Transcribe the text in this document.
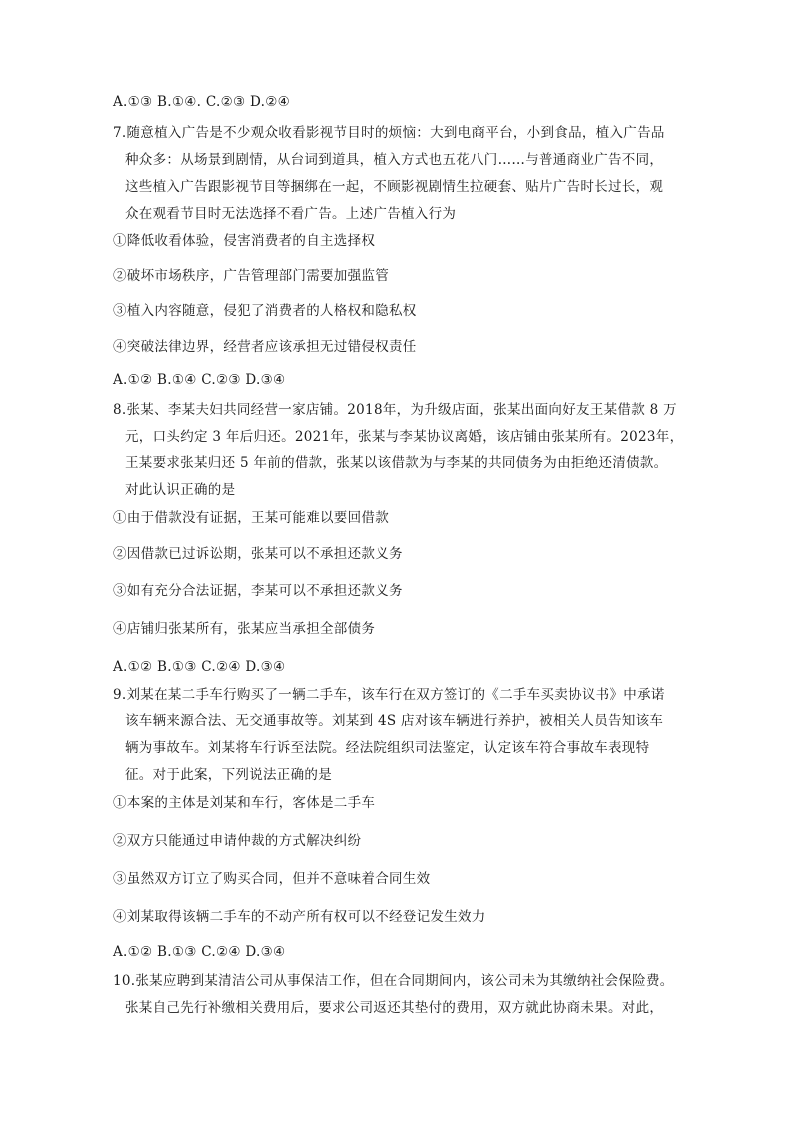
A.①③ B.①④. C.②③ D.②④
7.随意植入广告是不少观众收看影视节目时的烦恼：大到电商平台，小到食品，植入广告品
种众多：从场景到剧情，从台词到道具，植入方式也五花八门……与普通商业广告不同，
这些植入广告跟影视节目等捆绑在一起，不顾影视剧情生拉硬套、贴片广告时长过长，观
众在观看节目时无法选择不看广告。上述广告植入行为
①降低收看体验，侵害消费者的自主选择权
②破坏市场秩序，广告管理部门需要加强监管
③植入内容随意，侵犯了消费者的人格权和隐私权
④突破法律边界，经营者应该承担无过错侵权责任
A.①② B.①④ C.②③ D.③④
8.张某、李某夫妇共同经营一家店铺。2018年，为升级店面，张某出面向好友王某借款 8 万
元，口头约定 3 年后归还。2021年，张某与李某协议离婚，该店铺由张某所有。2023年，
王某要求张某归还 5 年前的借款，张某以该借款为与李某的共同债务为由拒绝还清债款。
对此认识正确的是
①由于借款没有证据，王某可能难以要回借款
②因借款已过诉讼期，张某可以不承担还款义务
③如有充分合法证据，李某可以不承担还款义务
④店铺归张某所有，张某应当承担全部债务
A.①② B.①③ C.②④ D.③④
9.刘某在某二手车行购买了一辆二手车，该车行在双方签订的《二手车买卖协议书》中承诺
该车辆来源合法、无交通事故等。刘某到 4S 店对该车辆进行养护，被相关人员告知该车
辆为事故车。刘某将车行诉至法院。经法院组织司法鉴定，认定该车符合事故车表现特
征。对于此案，下列说法正确的是
①本案的主体是刘某和车行，客体是二手车
②双方只能通过申请仲裁的方式解决纠纷
③虽然双方订立了购买合同，但并不意味着合同生效
④刘某取得该辆二手车的不动产所有权可以不经登记发生效力
A.①② B.①③ C.②④ D.③④
10.张某应聘到某清洁公司从事保洁工作，但在合同期间内，该公司未为其缴纳社会保险费。
张某自己先行补缴相关费用后，要求公司返还其垫付的费用，双方就此协商未果。对此，
